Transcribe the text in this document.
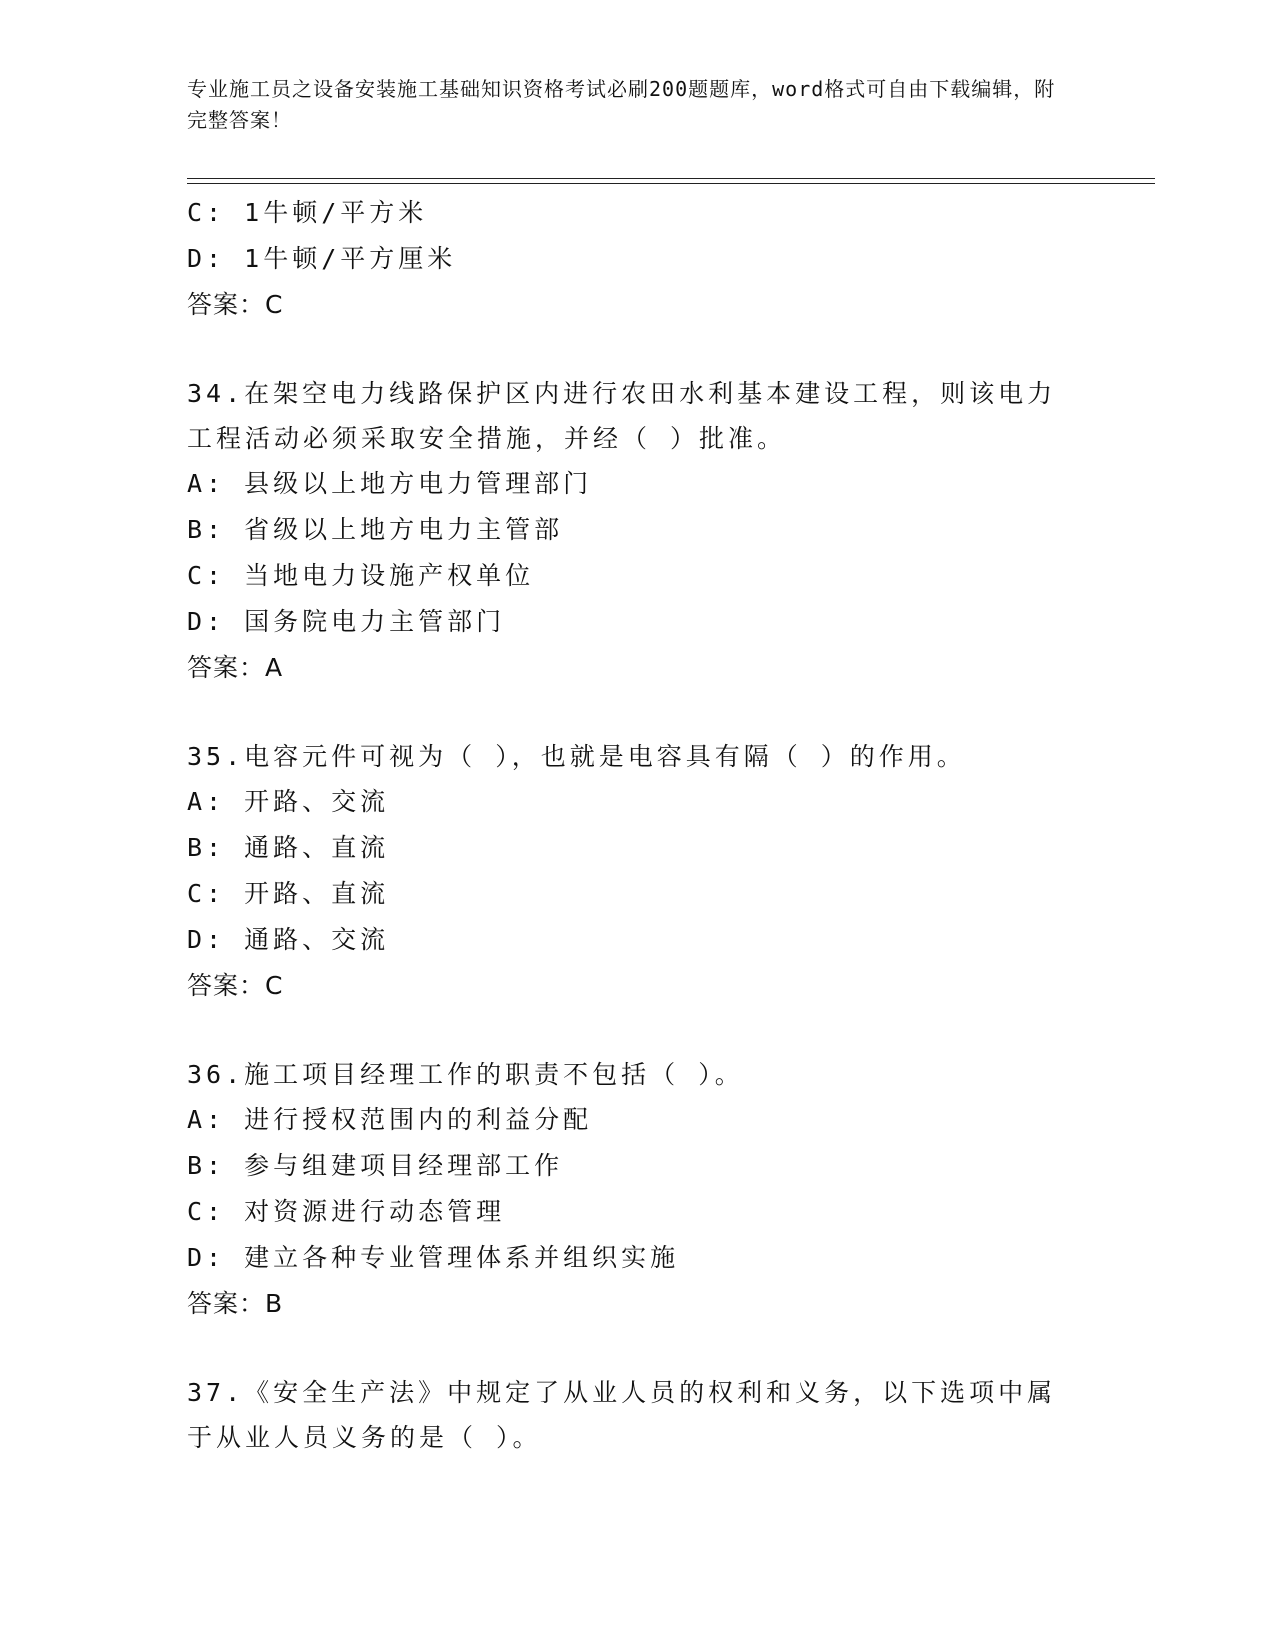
专业施工员之设备安装施工基础知识资格考试必刷200题题库，word格式可自由下载编辑，附完整答案！
C: 1牛顿/平方米
D: 1牛顿/平方厘米
答案：C
34.在架空电力线路保护区内进行农田水利基本建设工程，则该电力工程活动必须采取安全措施，并经（ ）批准。
A: 县级以上地方电力管理部门
B: 省级以上地方电力主管部
C: 当地电力设施产权单位
D: 国务院电力主管部门
答案：A
35.电容元件可视为（ ），也就是电容具有隔（ ）的作用。
A: 开路、交流
B: 通路、直流
C: 开路、直流
D: 通路、交流
答案：C
36.施工项目经理工作的职责不包括（ ）。
A: 进行授权范围内的利益分配
B: 参与组建项目经理部工作
C: 对资源进行动态管理
D: 建立各种专业管理体系并组织实施
答案：B
37.《安全生产法》中规定了从业人员的权利和义务，以下选项中属于从业人员义务的是（ ）。
